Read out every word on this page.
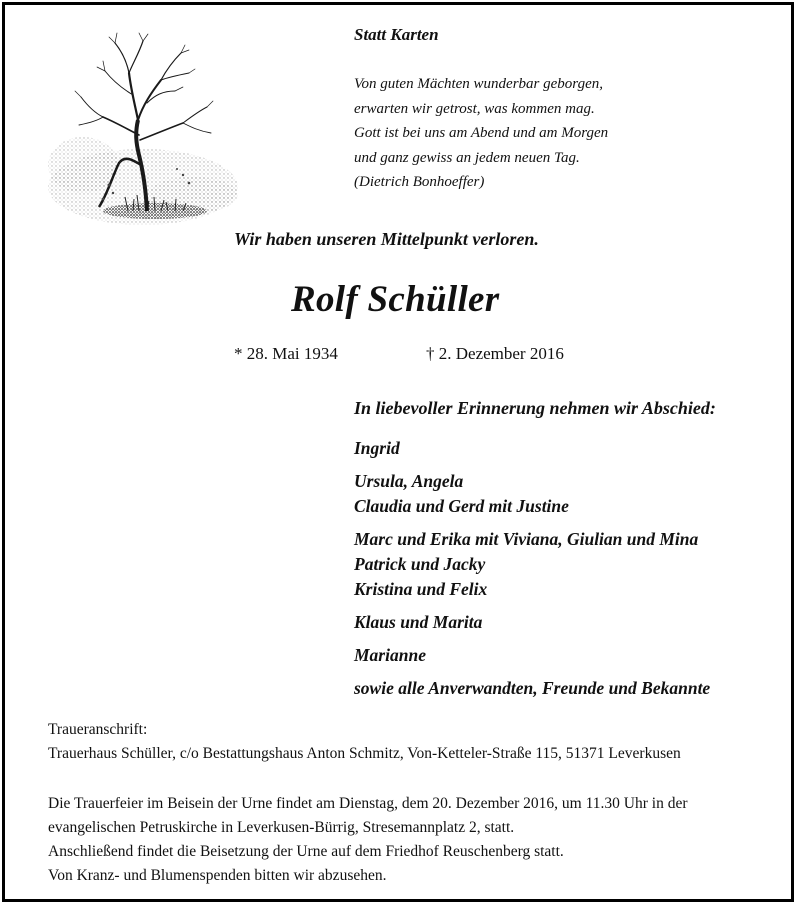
Statt Karten
Von guten Mächten wunderbar geborgen,
erwarten wir getrost, was kommen mag.
Gott ist bei uns am Abend und am Morgen
und ganz gewiss an jedem neuen Tag.
(Dietrich Bonhoeffer)
Wir haben unseren Mittelpunkt verloren.
Rolf Schüller
* 28. Mai 1934	† 2. Dezember 2016
In liebevoller Erinnerung nehmen wir Abschied:
Ingrid
Ursula, Angela
Claudia und Gerd mit Justine
Marc und Erika mit Viviana, Giulian und Mina
Patrick und Jacky
Kristina und Felix
Klaus und Marita
Marianne
sowie alle Anverwandten, Freunde und Bekannte
Traueranschrift:
Trauerhaus Schüller, c/o Bestattungshaus Anton Schmitz, Von-Ketteler-Straße 115, 51371 Leverkusen
Die Trauerfeier im Beisein der Urne findet am Dienstag, dem 20. Dezember 2016, um 11.30 Uhr in der
evangelischen Petruskirche in Leverkusen-Bürrig, Stresemannplatz 2, statt.
Anschließend findet die Beisetzung der Urne auf dem Friedhof Reuschenberg statt.
Von Kranz- und Blumenspenden bitten wir abzusehen.
